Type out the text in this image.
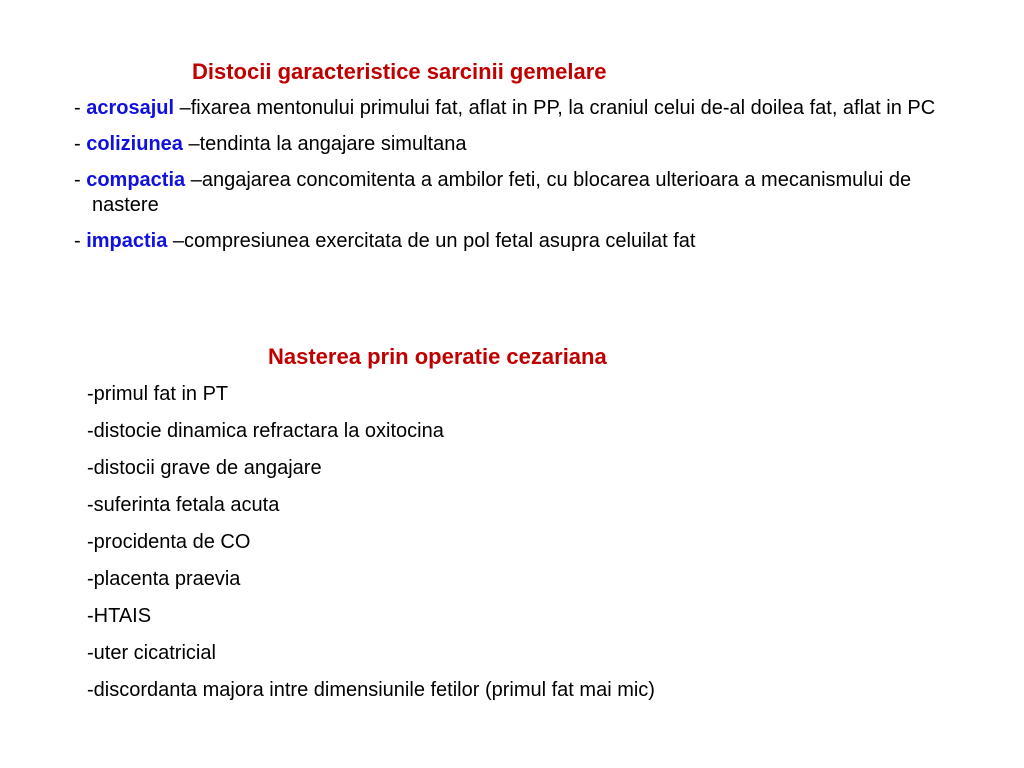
Distocii garacteristice sarcinii gemelare
- acrosajul –fixarea mentonului primului fat, aflat in PP, la craniul celui de-al doilea fat, aflat in PC
- coliziunea –tendinta la angajare simultana
- compactia –angajarea concomitenta a ambilor feti, cu blocarea ulterioara a mecanismului de nastere
- impactia –compresiunea exercitata de un pol fetal asupra celuilat fat
Nasterea prin operatie cezariana
-primul fat in PT
-distocie dinamica refractara la oxitocina
-distocii grave de angajare
-suferinta fetala acuta
-procidenta de CO
-placenta praevia
-HTAIS
-uter cicatricial
-discordanta majora intre dimensiunile fetilor (primul fat mai mic)
